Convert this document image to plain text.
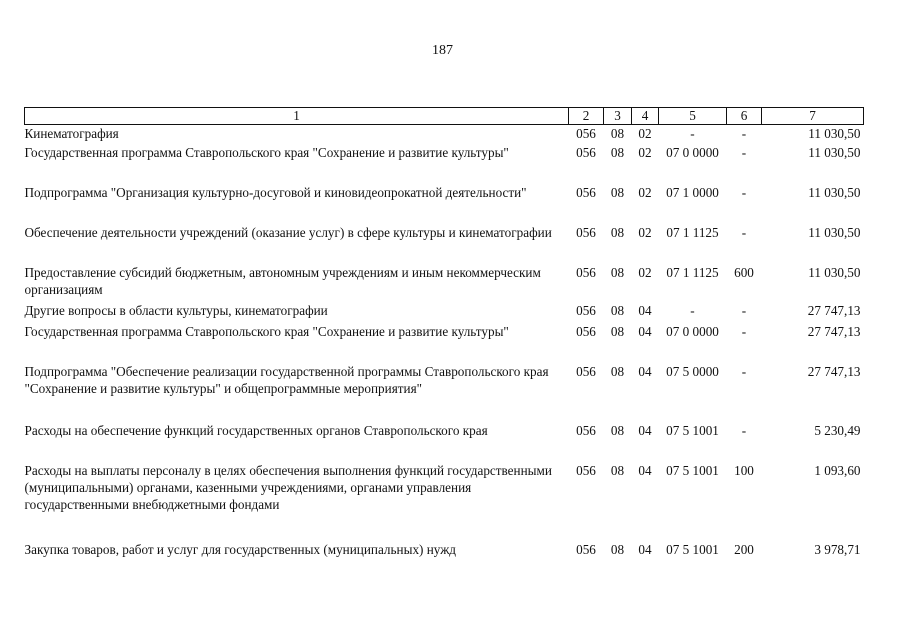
187
1	2	3	4	5	6	7
Кинематография	056	08	02	-	-	11 030,50
Государственная программа Ставропольского края "Сохранение и развитие культуры"	056	08	02	07 0 0000	-	11 030,50
Подпрограмма "Организация культурно-досуговой и киновидеопрокатной деятельности"	056	08	02	07 1 0000	-	11 030,50
Обеспечение деятельности учреждений (оказание услуг) в сфере культуры и кинематографии	056	08	02	07 1 1125	-	11 030,50
Предоставление субсидий бюджетным, автономным учреждениям и иным некоммерческим организациям	056	08	02	07 1 1125	600	11 030,50
Другие вопросы в области культуры, кинематографии	056	08	04	-	-	27 747,13
Государственная программа Ставропольского края "Сохранение и развитие культуры"	056	08	04	07 0 0000	-	27 747,13
Подпрограмма "Обеспечение реализации государственной программы Ставропольского края "Сохранение и развитие культуры" и общепрограммные мероприятия"	056	08	04	07 5 0000	-	27 747,13
Расходы на обеспечение функций государственных органов Ставропольского края	056	08	04	07 5 1001	-	5 230,49
Расходы на выплаты персоналу в целях обеспечения выполнения функций государственными (муниципальными) органами, казенными учреждениями, органами управления государственными внебюджетными фондами	056	08	04	07 5 1001	100	1 093,60
Закупка товаров, работ и услуг для государственных (муниципальных) нужд	056	08	04	07 5 1001	200	3 978,71
